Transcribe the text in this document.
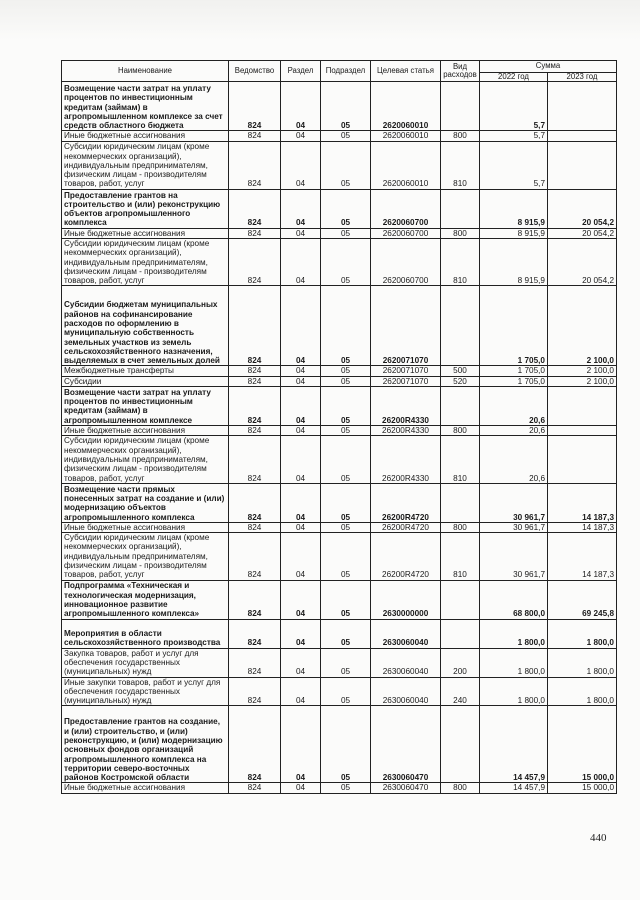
Наименование	Ведомство	Раздел	Подраздел	Целевая статья	Вид расходов	Сумма	
						2022 год	2023 год
Возмещение части затрат на уплату процентов по инвестиционным кредитам (займам) в агропромышленном комплексе за счет средств областного бюджета	824	04	05	2620060010		5,7	
Иные бюджетные ассигнования	824	04	05	2620060010	800	5,7	
Субсидии юридическим лицам (кроме некоммерческих организаций), индивидуальным предпринимателям, физическим лицам - производителям товаров, работ, услуг	824	04	05	2620060010	810	5,7	
Предоставление грантов на строительство и (или) реконструкцию объектов агропромышленного комплекса	824	04	05	2620060700		8 915,9	20 054,2
Иные бюджетные ассигнования	824	04	05	2620060700	800	8 915,9	20 054,2
Субсидии юридическим лицам (кроме некоммерческих организаций), индивидуальным предпринимателям, физическим лицам - производителям товаров, работ, услуг	824	04	05	2620060700	810	8 915,9	20 054,2
Субсидии бюджетам муниципальных районов на софинансирование расходов по оформлению в муниципальную собственность земельных участков из земель сельскохозяйственного назначения, выделяемых в счет земельных долей	824	04	05	2620071070		1 705,0	2 100,0
Межбюджетные трансферты	824	04	05	2620071070	500	1 705,0	2 100,0
Субсидии	824	04	05	2620071070	520	1 705,0	2 100,0
Возмещение части затрат на уплату процентов по инвестиционным кредитам (займам) в агропромышленном комплексе	824	04	05	26200R4330		20,6	
Иные бюджетные ассигнования	824	04	05	26200R4330	800	20,6	
Субсидии юридическим лицам (кроме некоммерческих организаций), индивидуальным предпринимателям, физическим лицам - производителям товаров, работ, услуг	824	04	05	26200R4330	810	20,6	
Возмещение части прямых понесенных затрат на создание и (или) модернизацию объектов агропромышленного комплекса	824	04	05	26200R4720		30 961,7	14 187,3
Иные бюджетные ассигнования	824	04	05	26200R4720	800	30 961,7	14 187,3
Субсидии юридическим лицам (кроме некоммерческих организаций), индивидуальным предпринимателям, физическим лицам - производителям товаров, работ, услуг	824	04	05	26200R4720	810	30 961,7	14 187,3
Подпрограмма «Техническая и технологическая модернизация, инновационное развитие агропромышленного комплекса»	824	04	05	2630000000		68 800,0	69 245,8
Мероприятия в области сельскохозяйственного производства	824	04	05	2630060040		1 800,0	1 800,0
Закупка товаров, работ и услуг для обеспечения государственных (муниципальных) нужд	824	04	05	2630060040	200	1 800,0	1 800,0
Иные закупки товаров, работ и услуг для обеспечения государственных (муниципальных) нужд	824	04	05	2630060040	240	1 800,0	1 800,0
Предоставление грантов на создание, и (или) строительство, и (или) реконструкцию, и (или) модернизацию основных фондов организаций агропромышленного комплекса на территории северо-восточных районов Костромской области	824	04	05	2630060470		14 457,9	15 000,0
Иные бюджетные ассигнования	824	04	05	2630060470	800	14 457,9	15 000,0
440
